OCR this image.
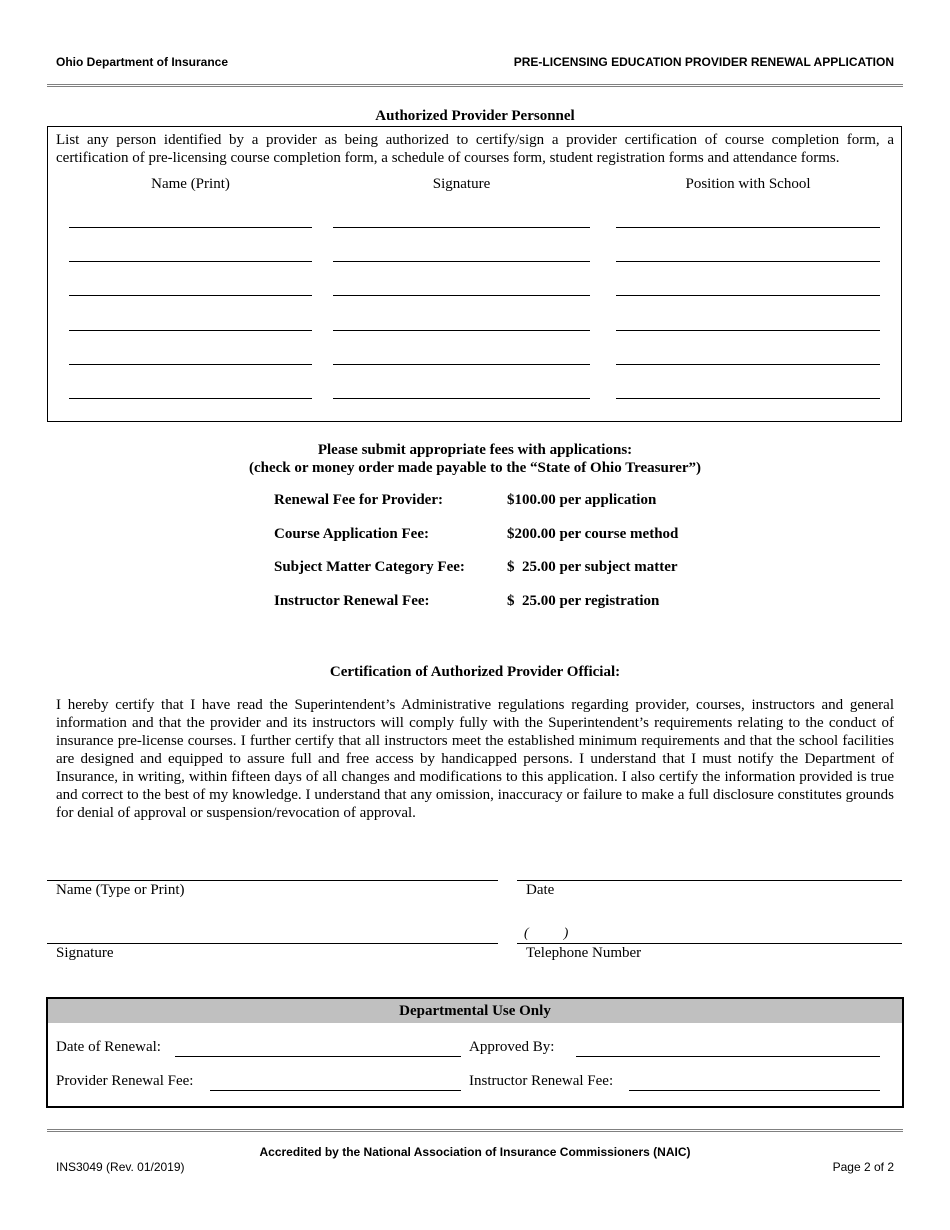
Ohio Department of Insurance	PRE-LICENSING EDUCATION PROVIDER RENEWAL APPLICATION
Authorized Provider Personnel
List any person identified by a provider as being authorized to certify/sign a provider certification of course completion form, a certification of pre-licensing course completion form, a schedule of courses form, student registration forms and attendance forms.
Name (Print)	Signature	Position with School
Please submit appropriate fees with applications:
(check or money order made payable to the “State of Ohio Treasurer”)
Renewal Fee for Provider:	$100.00 per application
Course Application Fee:	$200.00 per course method
Subject Matter Category Fee:	$  25.00 per subject matter
Instructor Renewal Fee:	$  25.00 per registration
Certification of Authorized Provider Official:
I hereby certify that I have read the Superintendent’s Administrative regulations regarding provider, courses, instructors and general information and that the provider and its instructors will comply fully with the Superintendent’s requirements relating to the conduct of insurance pre-license courses. I further certify that all instructors meet the established minimum requirements and that the school facilities are designed and equipped to assure full and free access by handicapped persons. I understand that I must notify the Department of Insurance, in writing, within fifteen days of all changes and modifications to this application. I also certify the information provided is true and correct to the best of my knowledge. I understand that any omission, inaccuracy or failure to make a full disclosure constitutes grounds for denial of approval or suspension/revocation of approval.
Name (Type or Print)	Date
Signature
(          )
Telephone Number
Departmental Use Only
Date of Renewal:	Approved By:
Provider Renewal Fee:	Instructor Renewal Fee:
Accredited by the National Association of Insurance Commissioners (NAIC)
INS3049 (Rev. 01/2019)	Page 2 of 2
